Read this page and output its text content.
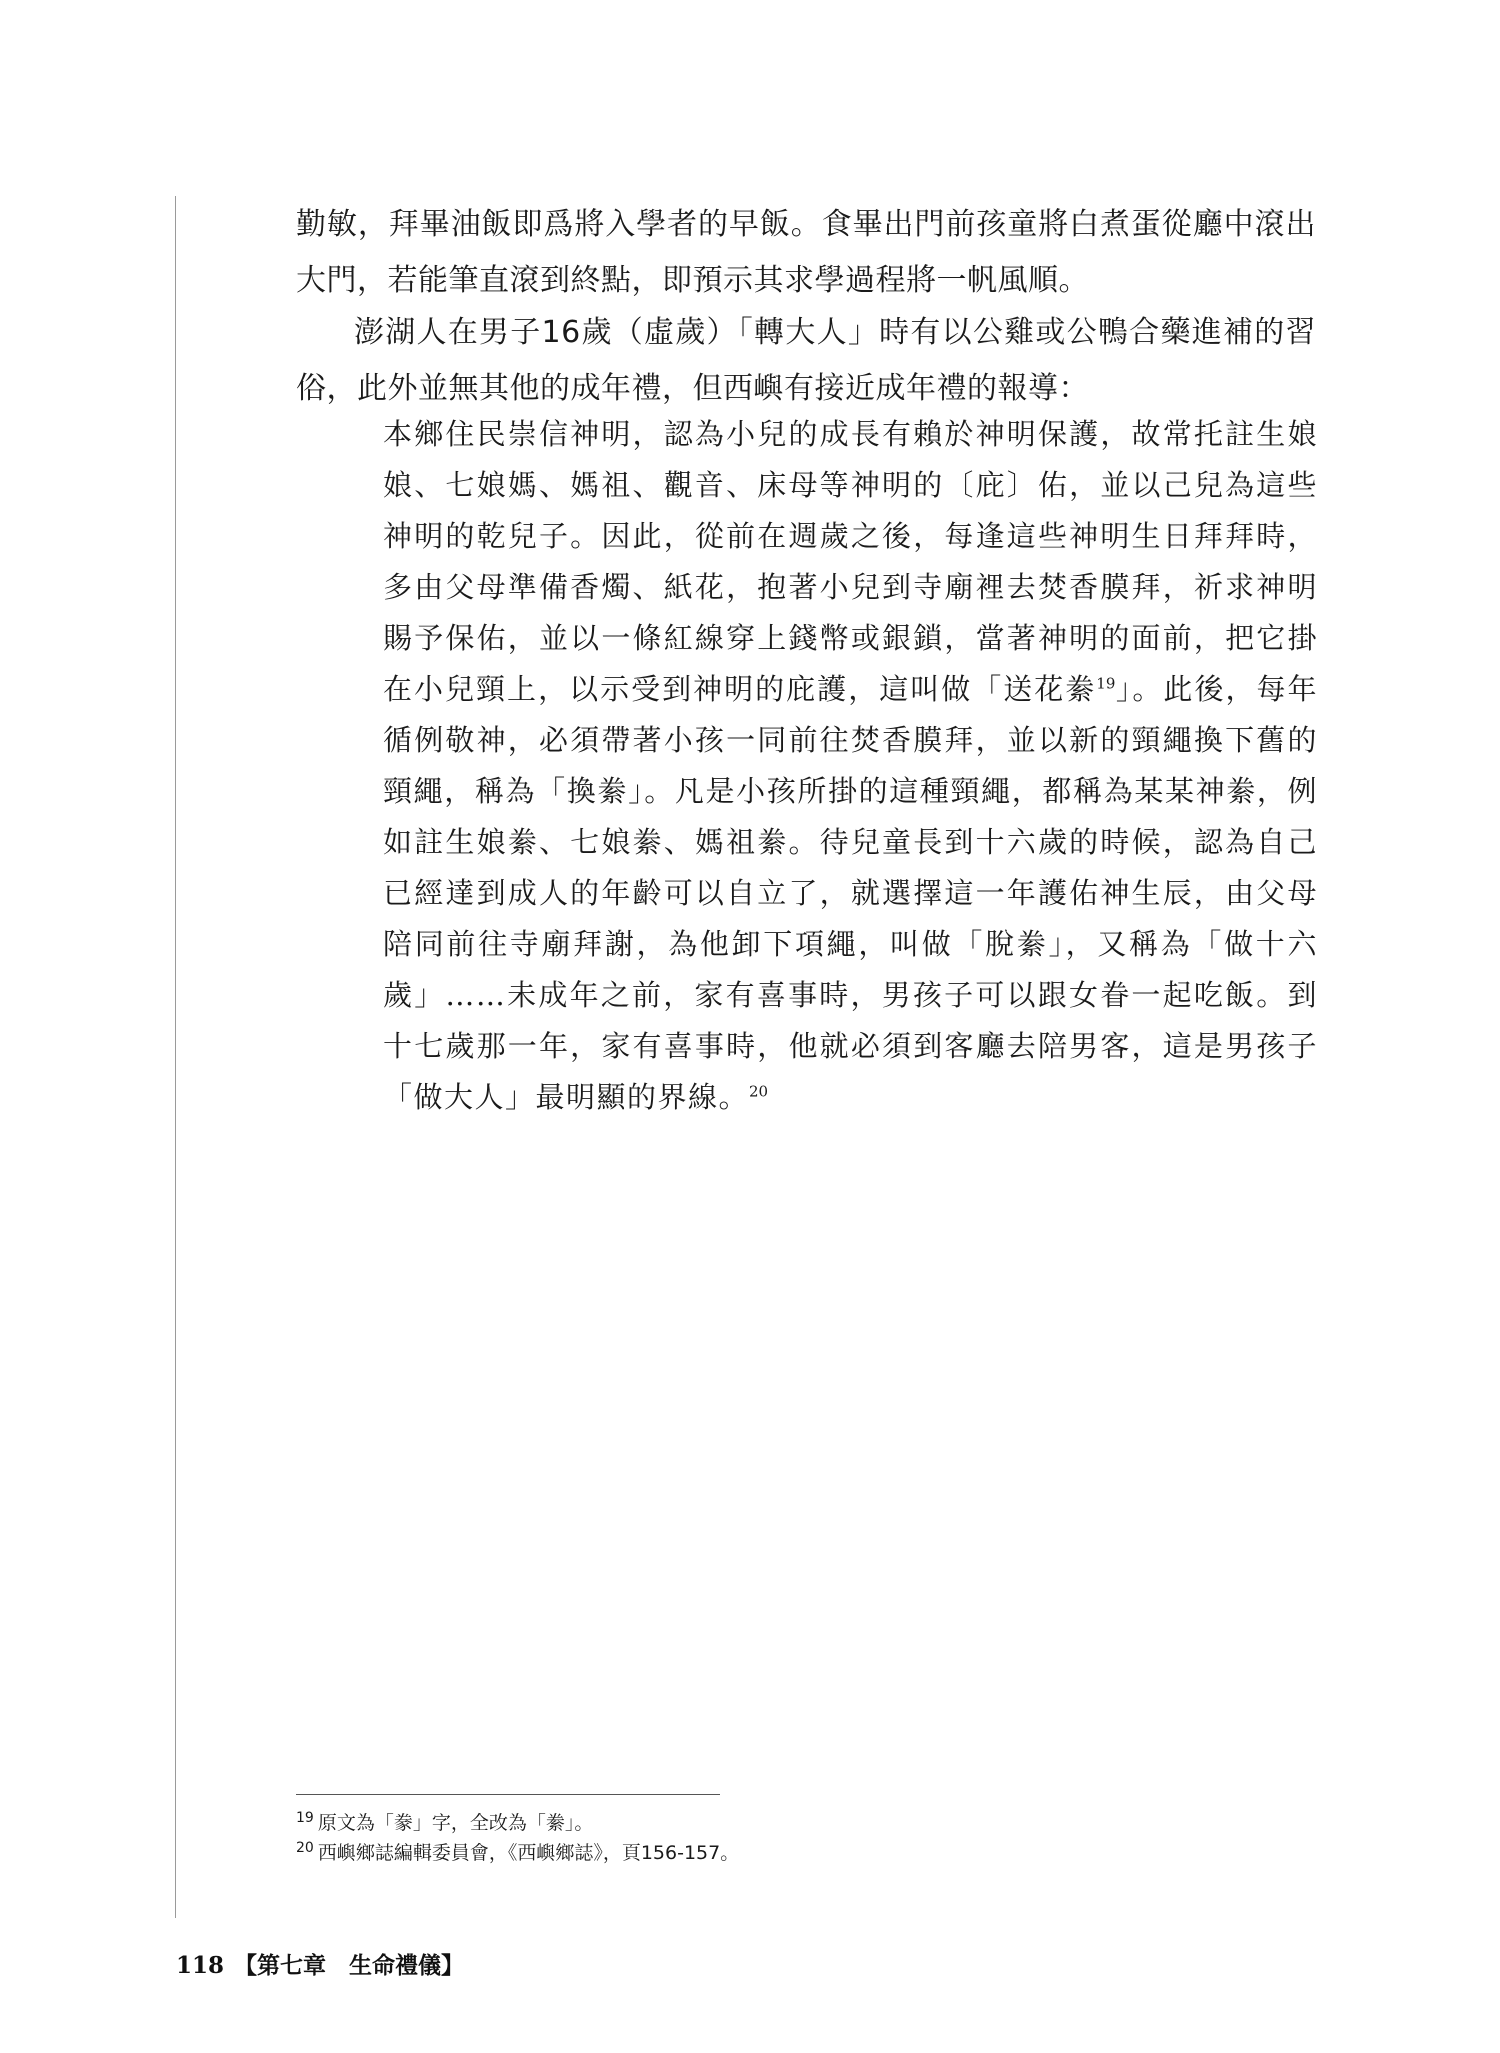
勤敏，拜畢油飯即爲將入學者的早飯。食畢出門前孩童將白煮蛋從廳中滾出大門，若能筆直滾到終點，即預示其求學過程將一帆風順。

澎湖人在男子16歲（虛歲）「轉大人」時有以公雞或公鴨合藥進補的習俗，此外並無其他的成年禮，但西嶼有接近成年禮的報導：

本鄉住民崇信神明，認為小兒的成長有賴於神明保護，故常托註生娘娘、七娘媽、媽祖、觀音、床母等神明的〔庇〕佑，並以己兒為這些神明的乾兒子。因此，從前在週歲之後，每逢這些神明生日拜拜時，多由父母準備香燭、紙花，抱著小兒到寺廟裡去焚香膜拜，祈求神明賜予保佑，並以一條紅線穿上錢幣或銀鎖，當著神明的面前，把它掛在小兒頸上，以示受到神明的庇護，這叫做「送花絭$^{19}$」。此後，每年循例敬神，必須帶著小孩一同前往焚香膜拜，並以新的頸繩換下舊的頸繩，稱為「換絭」。凡是小孩所掛的這種頸繩，都稱為某某神絭，例如註生娘絭、七娘絭、媽祖絭。待兒童長到十六歲的時候，認為自己已經達到成人的年齡可以自立了，就選擇這一年護佑神生辰，由父母陪同前往寺廟拜謝，為他卸下項繩，叫做「脫絭」，又稱為「做十六歲」……未成年之前，家有喜事時，男孩子可以跟女眷一起吃飯。到十七歲那一年，家有喜事時，他就必須到客廳去陪男客，這是男孩子「做大人」最明顯的界線。$^{20}$

$^{19}$ 原文為「豢」字，全改為「絭」。

$^{20}$ 西嶼鄉誌編輯委員會，《西嶼鄉誌》，頁156-157。

118 【第七章　生命禮儀】
